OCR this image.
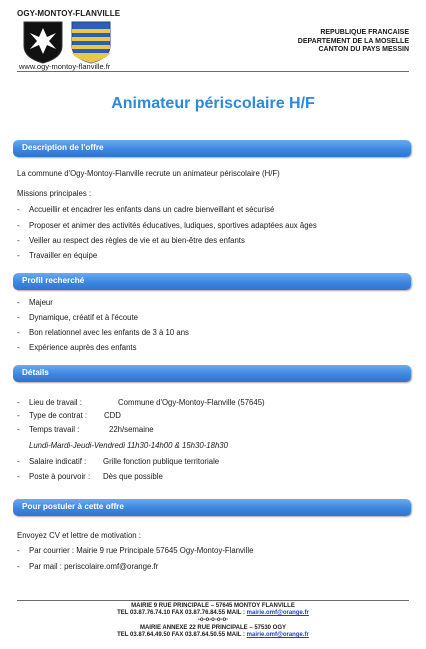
OGY-MONTOY-FLANVILLE
www.ogy-montoy-flanville.fr
REPUBLIQUE FRANCAISE
DEPARTEMENT DE LA MOSELLE
CANTON DU PAYS MESSIN
Animateur périscolaire H/F
Description de l'offre
La commune d'Ogy-Montoy-Flanville recrute un animateur périscolaire (H/F)
Missions principales :
- Accueillir et encadrer les enfants dans un cadre bienveillant et sécurisé
- Proposer et animer des activités éducatives, ludiques, sportives adaptées aux âges
- Veiller au respect des règles de vie et au bien-être des enfants
- Travailler en équipe
Profil recherché
- Majeur
- Dynamique, créatif et à l'écoute
- Bon relationnel avec les enfants de 3 à 10 ans
- Expérience auprès des enfants
Détails
- Lieu de travail :	Commune d'Ogy-Montoy-Flanville (57645)
- Type de contrat : CDD
- Temps travail :	22h/semaine
Lundi-Mardi-Jeudi-Vendredi 11h30-14h00 & 15h30-18h30
- Salaire indicatif : Grille fonction publique territoriale
- Poste à pourvoir : Dès que possible
Pour postuler à cette offre
Envoyez CV et lettre de motivation :
- Par courrier : Mairie 9 rue Principale 57645 Ogy-Montoy-Flanville
- Par mail : periscolaire.omf@orange.fr
MAIRIE 9 RUE PRINCIPALE – 57645 MONTOY FLANVILLE
TEL 03.87.76.74.10 FAX 03.87.76.84.55 MAIL : mairie.omf@orange.fr
-o-o-o-o-o-
MAIRIE ANNEXE 22 RUE PRINCIPALE – 57530 OGY
TEL 03.87.64.49.50 FAX 03.87.64.50.55 MAIL : mairie.omf@orange.fr
